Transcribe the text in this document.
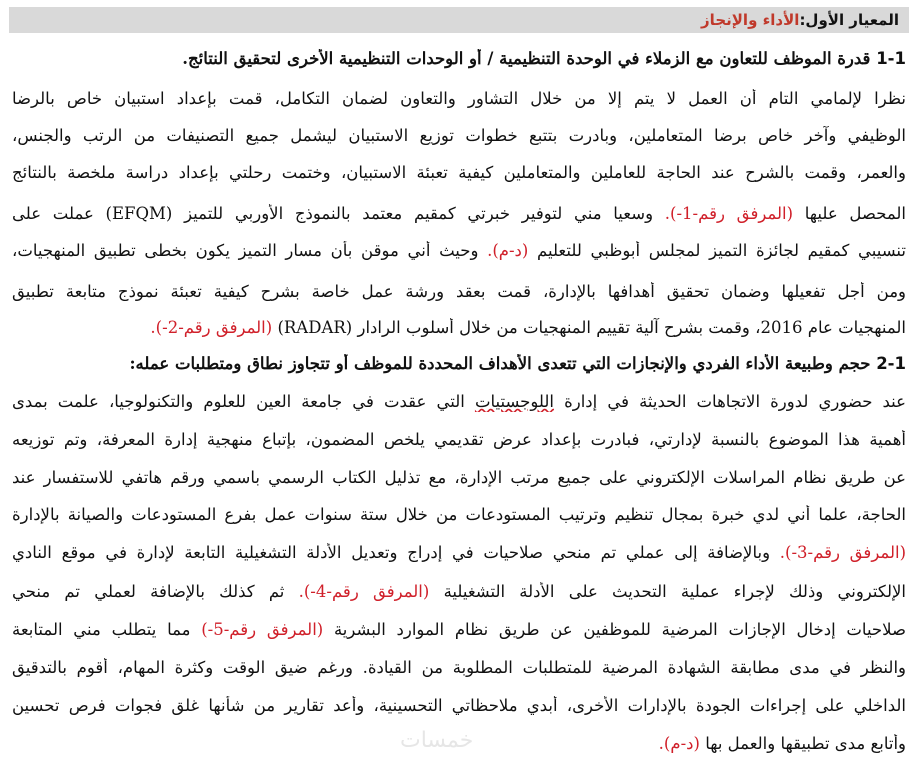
المعيار الأول:
الأداء والإنجاز
1-1 قدرة الموظف للتعاون مع الزملاء في الوحدة التنظيمية / أو الوحدات التنظيمية الأخرى لتحقيق النتائج.
نظرا لإلمامي التام أن العمل لا يتم إلا من خلال التشاور والتعاون لضمان التكامل، قمت بإعداد استبيان خاص بالرضا
الوظيفي وآخر خاص برضا المتعاملين، وبادرت بتتبع خطوات توزيع الاستبيان ليشمل جميع التصنيفات من الرتب والجنس،
والعمر، وقمت بالشرح عند الحاجة للعاملين والمتعاملين كيفية تعبئة الاستبيان، وختمت رحلتي بإعداد دراسة ملخصة بالنتائج
المحصل عليها (المرفق رقم-1-). وسعيا مني لتوفير خبرتي كمقيم معتمد بالنموذج الأوربي للتميز (EFQM) عملت على
تنسيبي كمقيم لجائزة التميز لمجلس أبوظبي للتعليم (د-م). وحيث أني موقن بأن مسار التميز يكون بخطى تطبيق المنهجيات،
ومن أجل تفعيلها وضمان تحقيق أهدافها بالإدارة، قمت بعقد ورشة عمل خاصة بشرح كيفية تعبئة نموذج متابعة تطبيق
المنهجيات عام 2016، وقمت بشرح آلية تقييم المنهجيات من خلال أسلوب الرادار (RADAR) (المرفق رقم-2-).
2-1 حجم وطبيعة الأداء الفردي والإنجازات التي تتعدى الأهداف المحددة للموظف أو تتجاوز نطاق ومتطلبات عمله:
عند حضوري لدورة الاتجاهات الحديثة في إدارة اللوجستيات التي عقدت في جامعة العين للعلوم والتكنولوجيا، علمت بمدى
أهمية هذا الموضوع بالنسبة لإدارتي، فبادرت بإعداد عرض تقديمي يلخص المضمون، بإتباع منهجية إدارة المعرفة، وتم توزيعه
عن طريق نظام المراسلات الإلكتروني على جميع مرتب الإدارة، مع تذليل الكتاب الرسمي باسمي ورقم هاتفي للاستفسار عند
الحاجة، علما أني لدي خبرة بمجال تنظيم وترتيب المستودعات من خلال ستة سنوات عمل بفرع المستودعات والصيانة بالإدارة
(المرفق رقم-3-). وبالإضافة إلى عملي تم منحي صلاحيات في إدراج وتعديل الأدلة التشغيلية التابعة لإدارة في موقع النادي
الإلكتروني وذلك لإجراء عملية التحديث على الأدلة التشغيلية (المرفق رقم-4-). ثم كذلك بالإضافة لعملي تم منحي
صلاحيات إدخال الإجازات المرضية للموظفين عن طريق نظام الموارد البشرية (المرفق رقم-5-) مما يتطلب مني المتابعة
والنظر في مدى مطابقة الشهادة المرضية للمتطلبات المطلوبة من القيادة. ورغم ضيق الوقت وكثرة المهام، أقوم بالتدقيق
الداخلي على إجراءات الجودة بالإدارات الأخرى، أبدي ملاحظاتي التحسينية، وأعد تقارير من شأنها غلق فجوات فرص تحسين
وأتابع مدى تطبيقها والعمل بها (د-م).
خمسات
